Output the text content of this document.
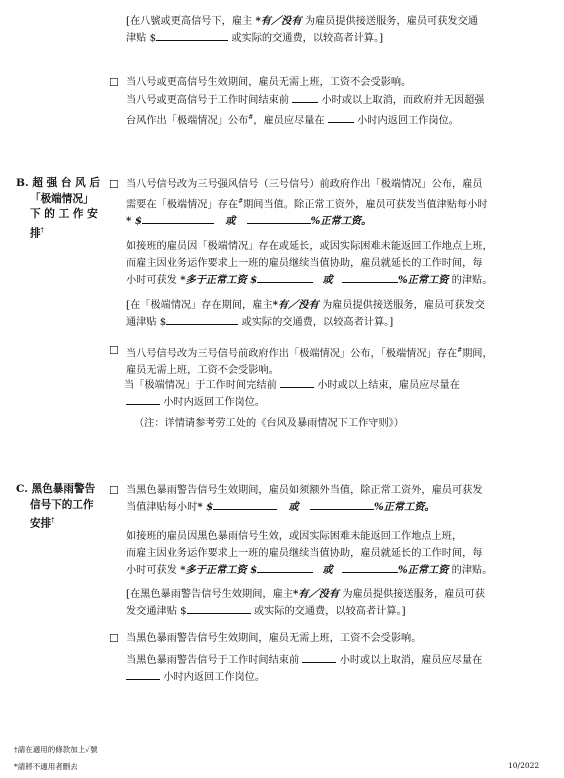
[在八號或更高信号下，雇主 *有／没有 为雇员提供接送服务，雇员可获发交通
津贴 $	或实际的交通费，以较高者计算。]
☐ 当八号或更高信号生效期间，雇员无需上班，工资不会受影响。
当八号或更高信号于工作时间结束前	小时或以上取消，而政府并无因超强
台风作出「极端情况」公布#，雇员应尽量在	小时内返回工作岗位。
B. 超 强 台 风 后
「极端情况」
下 的 工 作 安
排†
☐ 当八号信号改为三号强风信号（三号信号）前政府作出「极端情况」公布，雇员
需要在「极端情况」存在#期间当值。除正常工资外，雇员可获发当值津贴每小时
* $	或	%正常工资。
如接班的雇员因「极端情况」存在或延长，或因实际困难未能返回工作地点上班，
而雇主因业务运作要求上一班的雇员继续当值协助，雇员就延长的工作时间，每
小时可获发 *多于正常工资 $	或	%正常工资 的津贴。
[在「极端情况」存在期间，雇主*有／没有 为雇员提供接送服务，雇员可获发交
通津贴 $	或实际的交通费，以较高者计算。]
☐ 当八号信号改为三号信号前政府作出「极端情况」公布，「极端情况」存在#期间，
雇员无需上班，工资不会受影响。
当「极端情况」于工作时间完结前	小时或以上结束，雇员应尽量在
小时内返回工作岗位。
（注：详情请参考劳工处的《台风及暴雨情况下工作守则》）
C. 黑色暴雨警告
信号下的工作
安排†
☐ 当黑色暴雨警告信号生效期间，雇员如须额外当值，除正常工资外，雇员可获发
当值津贴每小时* $	或	%正常工资。
如接班的雇员因黑色暴雨信号生效，或因实际困难未能返回工作地点上班，
而雇主因业务运作要求上一班的雇员继续当值协助，雇员就延长的工作时间，每
小时可获发 *多于正常工资 $	或	%正常工资 的津贴。
[在黑色暴雨警告信号生效期间，雇主*有／没有 为雇员提供接送服务，雇员可获
发交通津贴 $	或实际的交通费，以较高者计算。]
☐ 当黑色暴雨警告信号生效期间，雇员无需上班，工资不会受影响。
当黑色暴雨警告信号于工作时间结束前	小时或以上取消，雇员应尽量在
小时内返回工作岗位。
†請在適用的條款加上✓號
*請將不適用者刪去	10/2022
